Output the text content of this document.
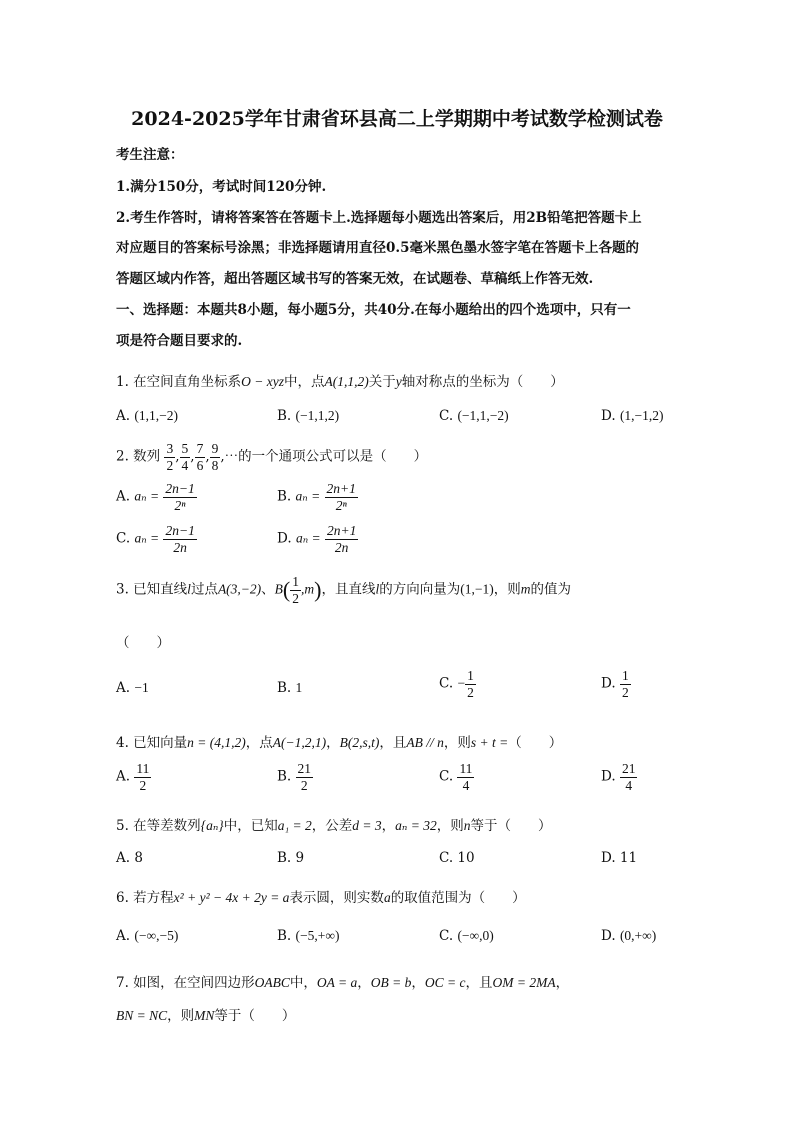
2024-2025学年甘肃省环县高二上学期期中考试数学检测试卷
考生注意：
1.满分150分，考试时间120分钟.
2.考生作答时，请将答案答在答题卡上.选择题每小题选出答案后，用2B铅笔把答题卡上
对应题目的答案标号涂黑；非选择题请用直径0.5毫米黑色墨水签字笔在答题卡上各题的
答题区域内作答，超出答题区域书写的答案无效，在试题卷、草稿纸上作答无效.
一、选择题：本题共8小题，每小题5分，共40分.在每小题给出的四个选项中，只有一
项是符合题目要求的.
1. 在空间直角坐标系O − xyz中，点A(1,1,2)关于y轴对称点的坐标为（　　）
A. (1,1,−2)	B. (−1,1,2)	C. (−1,1,−2)	D. (1,−1,2)
2. 数列 $\frac{3}{2}$ , $\frac{5}{4}$ , $\frac{7}{6}$ , $\frac{9}{8}$ ,⋯的一个通项公式可以是（　　）
A. $a_n = \frac{2n-1}{\text{2ⁿ}}$	B. $a_n = \frac{2n+1}{\text{2ⁿ}}$
C. $a_n = \frac{2n-1}{2n}$	D. $a_n = \frac{2n+1}{2n}$
3. 已知直线l过点A(3,−2)、$B( \frac{1}{2} ,m)$，且直线l的方向向量为(1,−1)，则m的值为
（　　）
A. −1	B. 1	C. − $\frac{1}{2}$	D. $\frac{1}{2}$
4. 已知向量n = (4,1,2)，点A(−1,2,1)，B(2,s,t)，且AB // n，则s + t =（　　）
A. $\frac{11}{2}$	B. $\frac{21}{2}$	C. $\frac{11}{4}$	D. $\frac{21}{4}$
5. 在等差数列{aₙ}中，已知a₁ = 2，公差d = 3，aₙ = 32，则n等于（　　）
A. 8	B. 9	C. 10	D. 11
6. 若方程x² + y² − 4x + 2y = a表示圆，则实数a的取值范围为（　　）
A. (−∞,−5)	B. (−5,+∞)	C. (−∞,0)	D. (0,+∞)
7. 如图，在空间四边形OABC中，OA = a，OB = b，OC = c，且OM = 2MA，
BN = NC，则MN等于（　　）
